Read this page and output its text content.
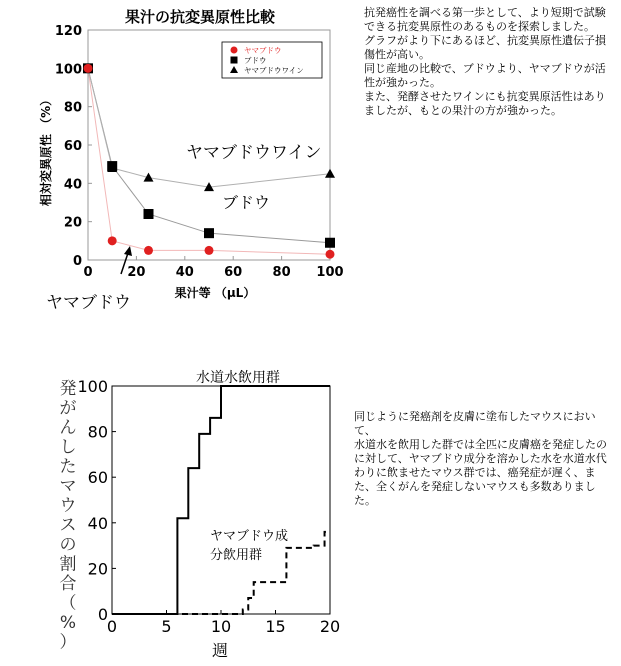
果汁の抗変異原性比較
相対変異原性 （%）
果汁等 （μL）
0
20
40
60
80
100
120
0	20 40 60 80 100
ヤマブドウ
ブドウ
ヤマブドウワイン
ヤマブドウワイン
ブドウ
ヤマブドウ
抗発癌性を調べる第一歩として、より短期で試験できる抗変異原性のあるものを探索しました。
グラフがより下にあるほど、抗変異原性遺伝子損傷性が高い。
同じ産地の比較で、ブドウより、ヤマブドウが活性が強かった。
また、発酵させたワインにも抗変異原活性はありましたが、もとの果汁の方が強かった。
水道水飲用群
ヤマブドウ成
分飲用群
週
発
が
ん
し
た
マ
ウ
ス
の
割
合
（
%
）
0
20
40
60
80
100
0	5 10 15 20
同じように発癌剤を皮膚に塗布したマウスにおいて、
水道水を飲用した群では全匹に皮膚癌を発症したのに対して、ヤマブドウ成分を溶かした水を水道水代わりに飲ませたマウス群では、癌発症が遅く、また、全くがんを発症しないマウスも多数ありました。
